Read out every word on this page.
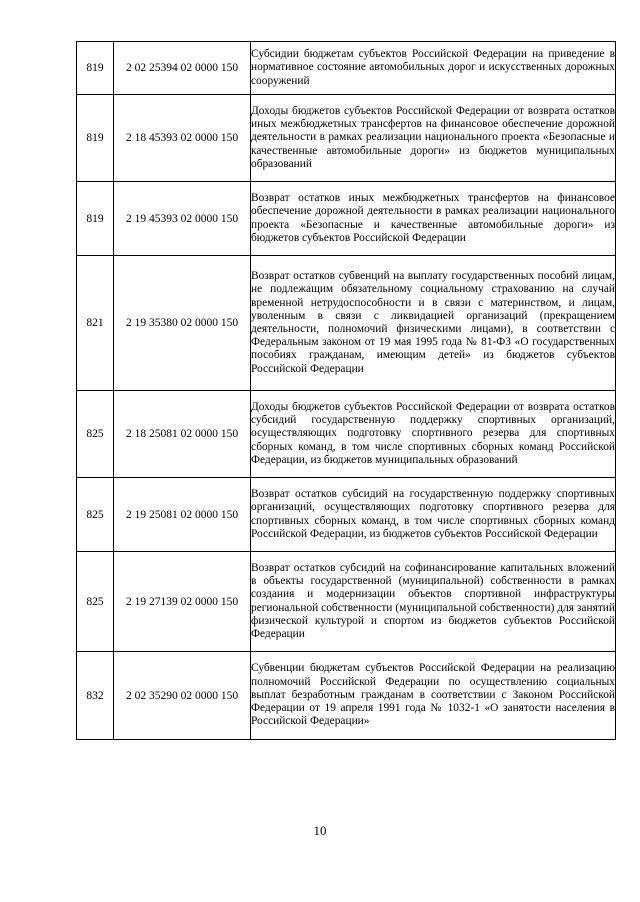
819	2 02 25394 02 0000 150	Субсидии бюджетам субъектов Российской Федерации на приведение в нормативное состояние автомобильных дорог и искусственных дорожных сооружений
819	2 18 45393 02 0000 150	Доходы бюджетов субъектов Российской Федерации от возврата остатков иных межбюджетных трансфертов на финансовое обеспечение дорожной деятельности в рамках реализации национального проекта «Безопасные и качественные автомобильные дороги» из бюджетов муниципальных образований
819	2 19 45393 02 0000 150	Возврат остатков иных межбюджетных трансфертов на финансовое обеспечение дорожной деятельности в рамках реализации национального проекта «Безопасные и качественные автомобильные дороги» из бюджетов субъектов Российской Федерации
821	2 19 35380 02 0000 150	Возврат остатков субвенций на выплату государственных пособий лицам, не подлежащим обязательному социальному страхованию на случай временной нетрудоспособности и в связи с материнством, и лицам, уволенным в связи с ликвидацией организаций (прекращением деятельности, полномочий физическими лицами), в соответствии с Федеральным законом от 19 мая 1995 года № 81-ФЗ «О государственных пособиях гражданам, имеющим детей» из бюджетов субъектов Российской Федерации
825	2 18 25081 02 0000 150	Доходы бюджетов субъектов Российской Федерации от возврата остатков субсидий государственную поддержку спортивных организаций, осуществляющих подготовку спортивного резерва для спортивных сборных команд, в том числе спортивных сборных команд Российской Федерации, из бюджетов муниципальных образований
825	2 19 25081 02 0000 150	Возврат остатков субсидий на государственную поддержку спортивных организаций, осуществляющих подготовку спортивного резерва для спортивных сборных команд, в том числе спортивных сборных команд Российской Федерации, из бюджетов субъектов Российской Федерации
825	2 19 27139 02 0000 150	Возврат остатков субсидий на софинансирование капитальных вложений в объекты государственной (муниципальной) собственности в рамках создания и модернизации объектов спортивной инфраструктуры региональной собственности (муниципальной собственности) для занятий физической культурой и спортом из бюджетов субъектов Российской Федерации
832	2 02 35290 02 0000 150	Субвенции бюджетам субъектов Российской Федерации на реализацию полномочий Российской Федерации по осуществлению социальных выплат безработным гражданам в соответствии с Законом Российской Федерации от 19 апреля 1991 года № 1032-1 «О занятости населения в Российской Федерации»
10
